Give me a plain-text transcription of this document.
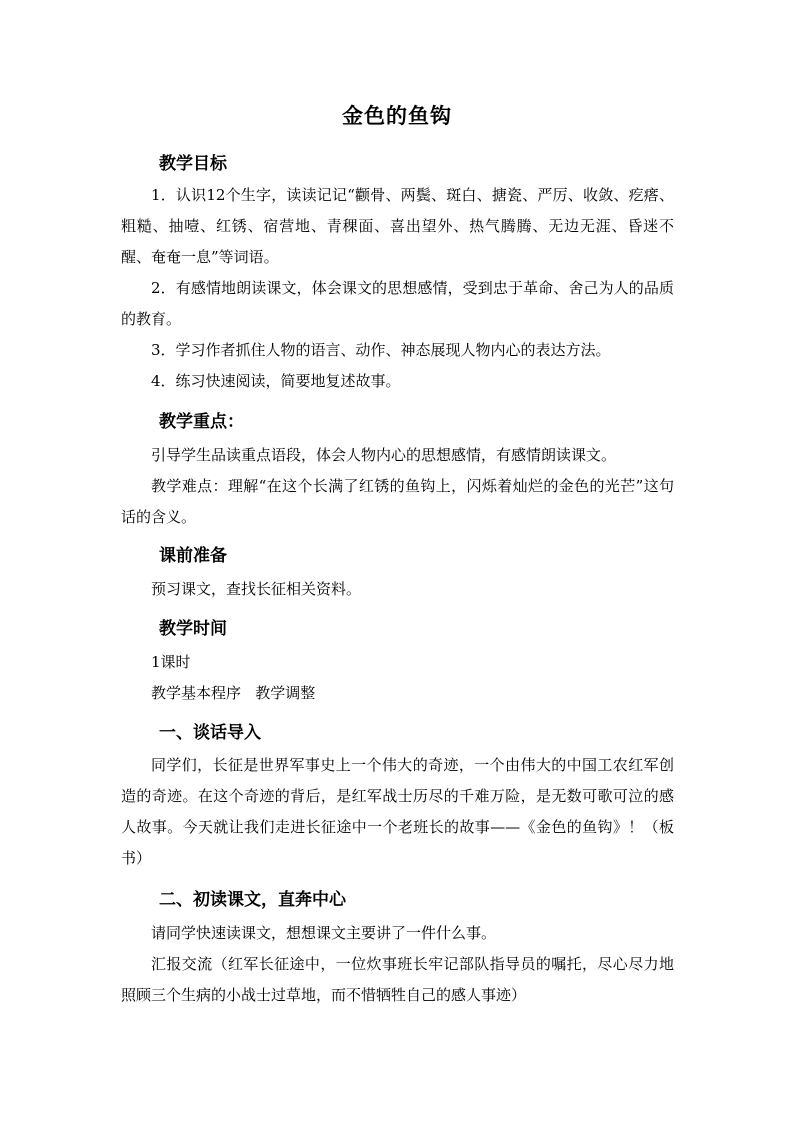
金色的鱼钩
教学目标

1．认识12个生字，读读记记“颧骨、两鬓、斑白、搪瓷、严厉、收敛、疙瘩、粗糙、抽噎、红锈、宿营地、青稞面、喜出望外、热气腾腾、无边无涯、昏迷不醒、奄奄一息”等词语。

2．有感情地朗读课文，体会课文的思想感情，受到忠于革命、舍己为人的品质的教育。

3．学习作者抓住人物的语言、动作、神态展现人物内心的表达方法。

4．练习快速阅读，简要地复述故事。

教学重点：

引导学生品读重点语段，体会人物内心的思想感情，有感情朗读课文。

教学难点：理解“在这个长满了红锈的鱼钩上，闪烁着灿烂的金色的光芒”这句话的含义。

课前准备

预习课文，查找长征相关资料。

教学时间

1课时

教学基本程序   教学调整

一、谈话导入

同学们，长征是世界军事史上一个伟大的奇迹，一个由伟大的中国工农红军创造的奇迹。在这个奇迹的背后，是红军战士历尽的千难万险，是无数可歌可泣的感人故事。今天就让我们走进长征途中一个老班长的故事——《金色的鱼钩》！（板书）

二、初读课文，直奔中心

请同学快速读课文，想想课文主要讲了一件什么事。

汇报交流（红军长征途中，一位炊事班长牢记部队指导员的嘱托，尽心尽力地照顾三个生病的小战士过草地，而不惜牺牲自己的感人事迹）
